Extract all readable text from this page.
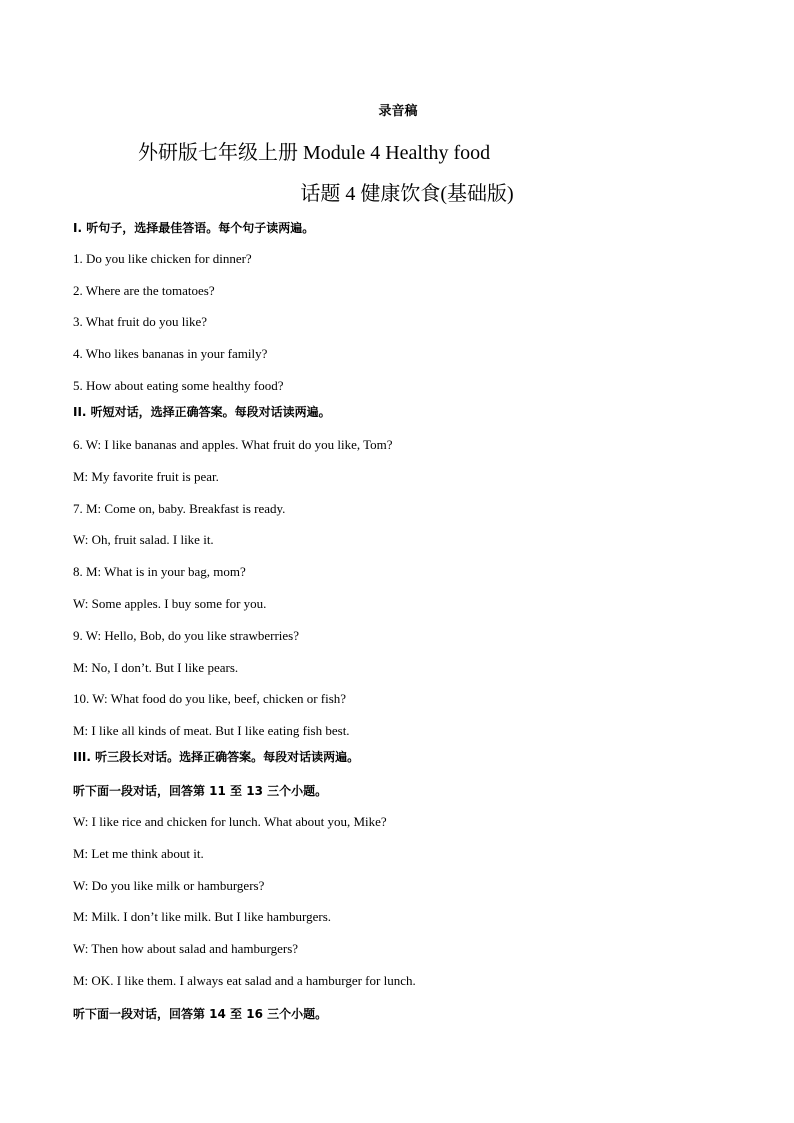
录音稿
外研版七年级上册 Module 4 Healthy food
话题 4 健康饮食(基础版)
Ⅰ. 听句子，选择最佳答语。每个句子读两遍。
1. Do you like chicken for dinner?
2. Where are the tomatoes?
3. What fruit do you like?
4. Who likes bananas in your family?
5. How about eating some healthy food?
II. 听短对话，选择正确答案。每段对话读两遍。
6. W: I like bananas and apples. What fruit do you like, Tom?
M: My favorite fruit is pear.
7. M: Come on, baby. Breakfast is ready.
W: Oh, fruit salad. I like it.
8. M: What is in your bag, mom?
W: Some apples. I buy some for you.
9. W: Hello, Bob, do you like strawberries?
M: No, I don’t. But I like pears.
10. W: What food do you like, beef, chicken or fish?
M: I like all kinds of meat. But I like eating fish best.
III. 听三段长对话。选择正确答案。每段对话读两遍。
听下面一段对话，回答第 11 至 13 三个小题。
W: I like rice and chicken for lunch. What about you, Mike?
M: Let me think about it.
W: Do you like milk or hamburgers?
M: Milk. I don’t like milk. But I like hamburgers.
W: Then how about salad and hamburgers?
M: OK. I like them. I always eat salad and a hamburger for lunch.
听下面一段对话，回答第 14 至 16 三个小题。
